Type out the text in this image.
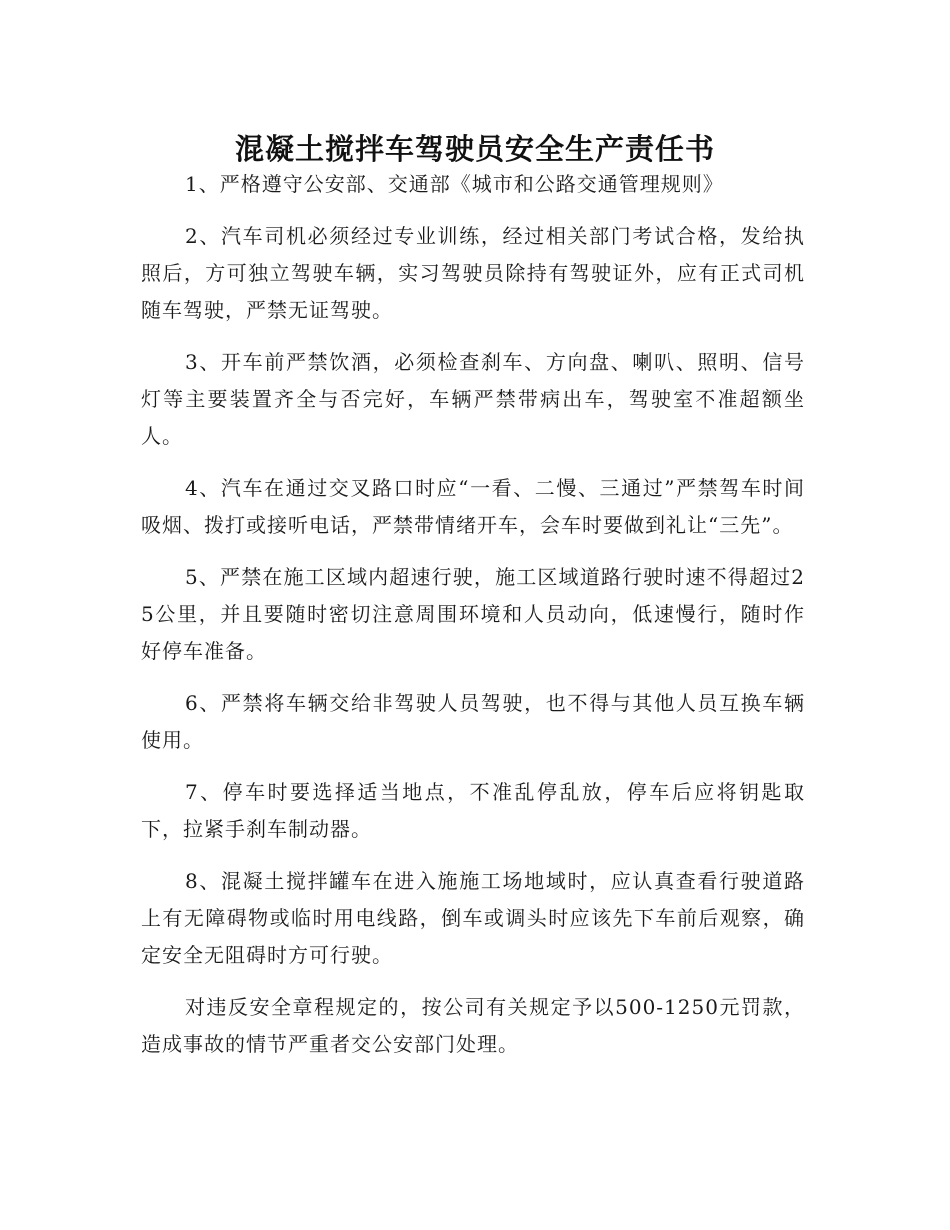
混凝土搅拌车驾驶员安全生产责任书

1、严格遵守公安部、交通部《城市和公路交通管理规则》

2、汽车司机必须经过专业训练，经过相关部门考试合格，发给执照后，方可独立驾驶车辆，实习驾驶员除持有驾驶证外，应有正式司机随车驾驶，严禁无证驾驶。

3、开车前严禁饮酒，必须检查刹车、方向盘、喇叭、照明、信号灯等主要装置齐全与否完好，车辆严禁带病出车，驾驶室不准超额坐人。

4、汽车在通过交叉路口时应“一看、二慢、三通过”严禁驾车时间吸烟、拨打或接听电话，严禁带情绪开车，会车时要做到礼让“三先”。

5、严禁在施工区域内超速行驶，施工区域道路行驶时速不得超过25公里，并且要随时密切注意周围环境和人员动向，低速慢行，随时作好停车准备。

6、严禁将车辆交给非驾驶人员驾驶，也不得与其他人员互换车辆使用。

7、停车时要选择适当地点，不准乱停乱放，停车后应将钥匙取下，拉紧手刹车制动器。

8、混凝土搅拌罐车在进入施施工场地域时，应认真查看行驶道路上有无障碍物或临时用电线路，倒车或调头时应该先下车前后观察，确定安全无阻碍时方可行驶。

对违反安全章程规定的，按公司有关规定予以500-1250元罚款，造成事故的情节严重者交公安部门处理。
